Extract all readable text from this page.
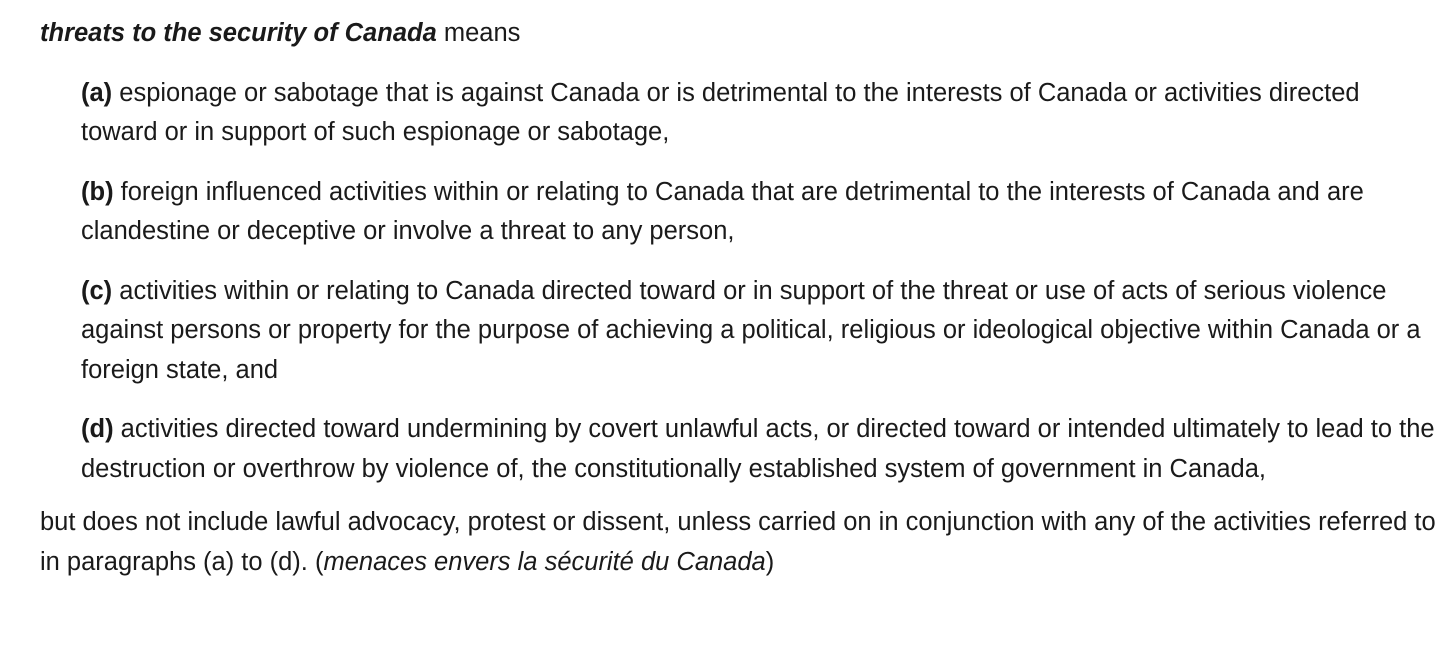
threats to the security of Canada means

(a) espionage or sabotage that is against Canada or is detrimental to the interests of Canada or activities directed toward or in support of such espionage or sabotage,

(b) foreign influenced activities within or relating to Canada that are detrimental to the interests of Canada and are clandestine or deceptive or involve a threat to any person,

(c) activities within or relating to Canada directed toward or in support of the threat or use of acts of serious violence against persons or property for the purpose of achieving a political, religious or ideological objective within Canada or a foreign state, and

(d) activities directed toward undermining by covert unlawful acts, or directed toward or intended ultimately to lead to the destruction or overthrow by violence of, the constitutionally established system of government in Canada,

but does not include lawful advocacy, protest or dissent, unless carried on in conjunction with any of the activities referred to in paragraphs (a) to (d). (menaces envers la sécurité du Canada)
